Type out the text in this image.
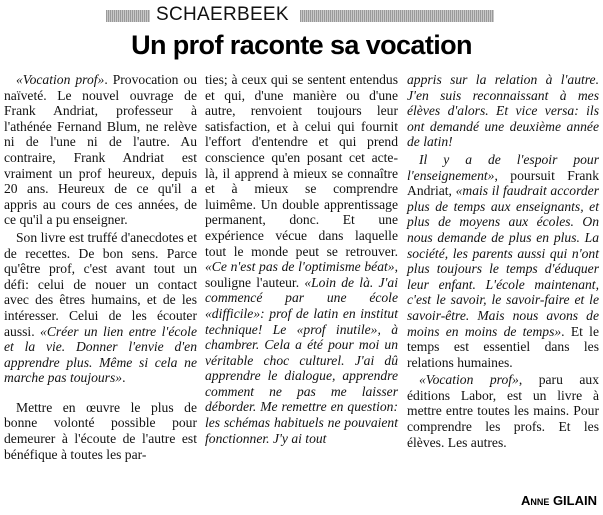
SCHAERBEEK
Un prof raconte sa vocation

«Vocation prof». Provocation ou naïveté. Le nouvel ouvrage de Frank Andriat, professeur à l'athénée Fernand Blum, ne relève ni de l'une ni de l'autre. Au contraire, Frank Andriat est vraiment un prof heureux, depuis 20 ans. Heureux de ce qu'il a appris au cours de ces années, de ce qu'il a pu enseigner.

Son livre est truffé d'anecdotes et de recettes. De bon sens. Parce qu'être prof, c'est avant tout un défi: celui de nouer un contact avec des êtres humains, et de les intéresser. Celui de les écouter aussi. «Créer un lien entre l'école et la vie. Donner l'envie d'en apprendre plus. Même si cela ne marche pas toujours».

Mettre en œuvre le plus de bonne volonté possible pour demeurer à l'écoute de l'autre est bénéfique à toutes les par-

ties; à ceux qui se sentent entendus et qui, d'une manière ou d'une autre, renvoient toujours leur satisfaction, et à celui qui fournit l'effort d'entendre et qui prend conscience qu'en posant cet acte-là, il apprend à mieux se connaître et à mieux se comprendre luimême. Un double apprentissage permanent, donc. Et une expérience vécue dans laquelle tout le monde peut se retrouver. «Ce n'est pas de l'optimisme béat», souligne l'auteur. «Loin de là. J'ai commencé par une école «difficile»: prof de latin en institut technique! Le «prof inutile», à chambrer. Cela a été pour moi un véritable choc culturel. J'ai dû apprendre le dialogue, apprendre comment ne pas me laisser déborder. Me remettre en question: les schémas habituels ne pouvaient fonctionner. J'y ai tout

appris sur la relation à l'autre. J'en suis reconnaissant à mes élèves d'alors. Et vice versa: ils ont demandé une deuxième année de latin!

Il y a de l'espoir pour l'enseignement», poursuit Frank Andriat, «mais il faudrait accorder plus de temps aux enseignants, et plus de moyens aux écoles. On nous demande de plus en plus. La société, les parents aussi qui n'ont plus toujours le temps d'éduquer leur enfant. L'école maintenant, c'est le savoir, le savoir-faire et le savoir-être. Mais nous avons de moins en moins de temps». Et le temps est essentiel dans les relations humaines.

«Vocation prof», paru aux éditions Labor, est un livre à mettre entre toutes les mains. Pour comprendre les profs. Et les élèves. Les autres.

Anne GILAIN
